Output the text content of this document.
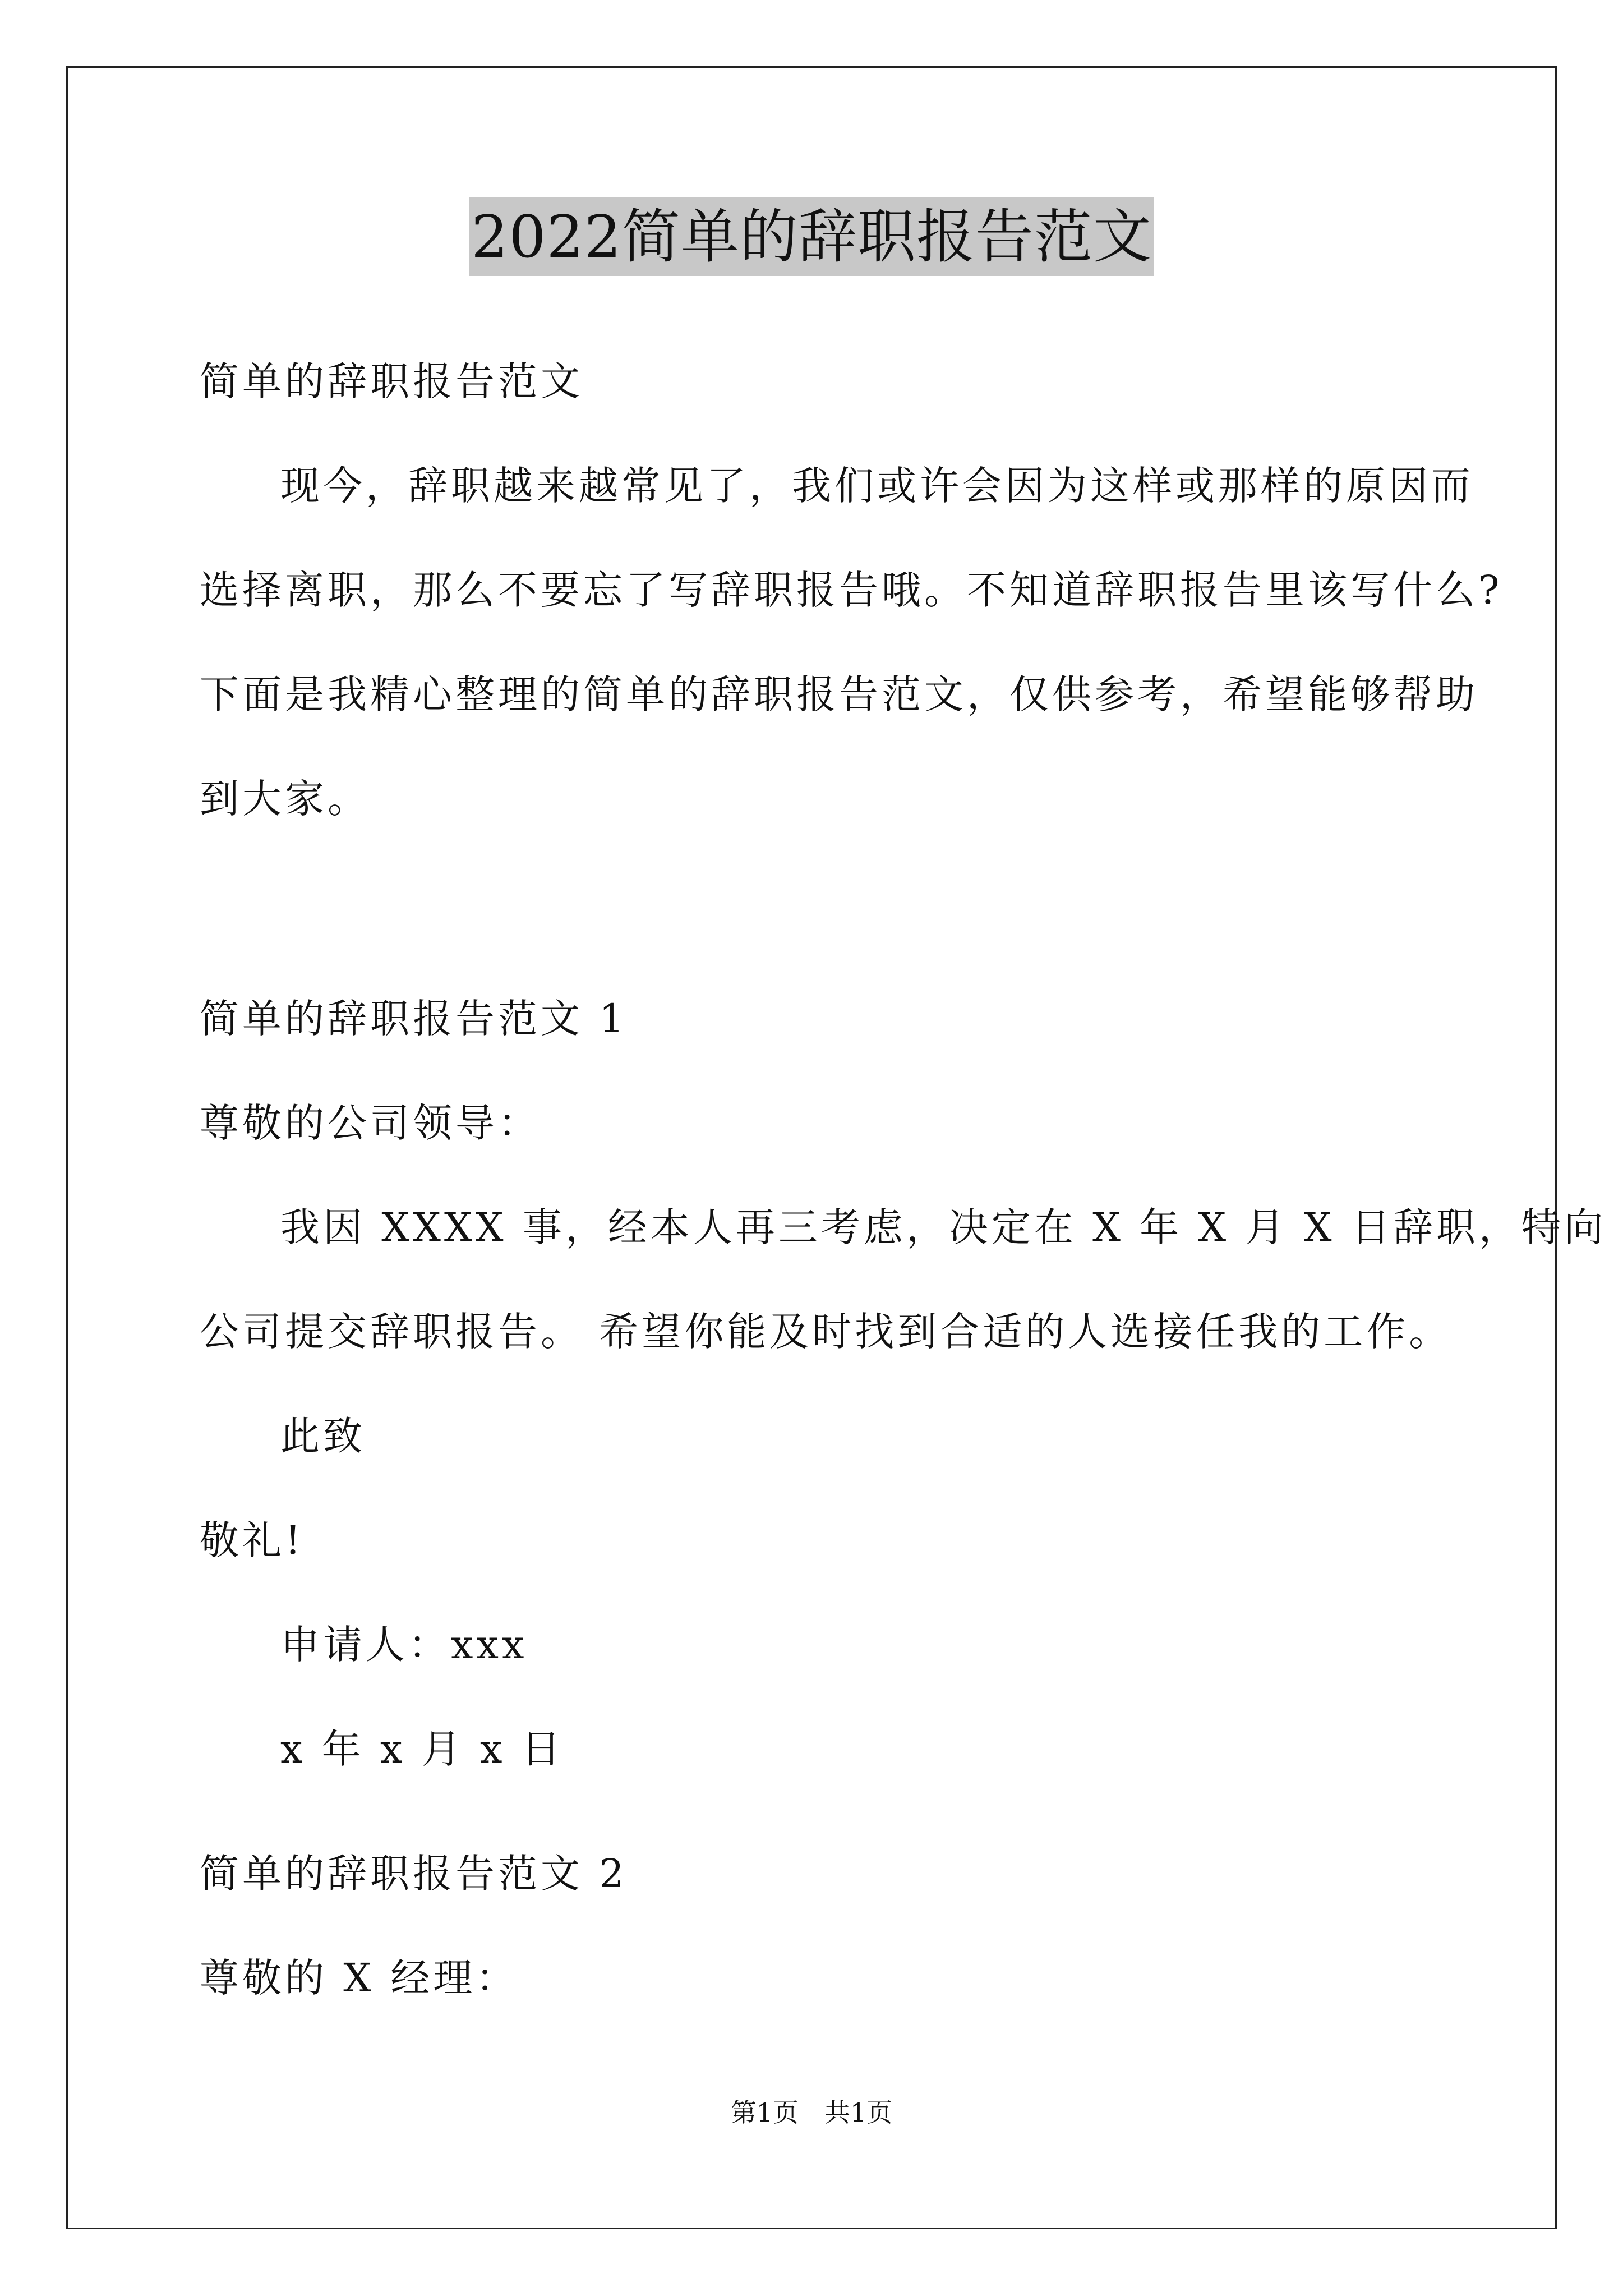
2022简单的辞职报告范文
简单的辞职报告范文
现今，辞职越来越常见了，我们或许会因为这样或那样的原因而
选择离职，那么不要忘了写辞职报告哦。不知道辞职报告里该写什么?
下面是我精心整理的简单的辞职报告范文，仅供参考，希望能够帮助
到大家。
简单的辞职报告范文 1
尊敬的公司领导：
我因 XXXX 事，经本人再三考虑，决定在 X 年 X 月 X 日辞职，特向
公司提交辞职报告。 希望你能及时找到合适的人选接任我的工作。
此致
敬礼!
申请人：xxx
x 年 x 月 x 日
简单的辞职报告范文 2
尊敬的 X 经理：
第1页 共1页
